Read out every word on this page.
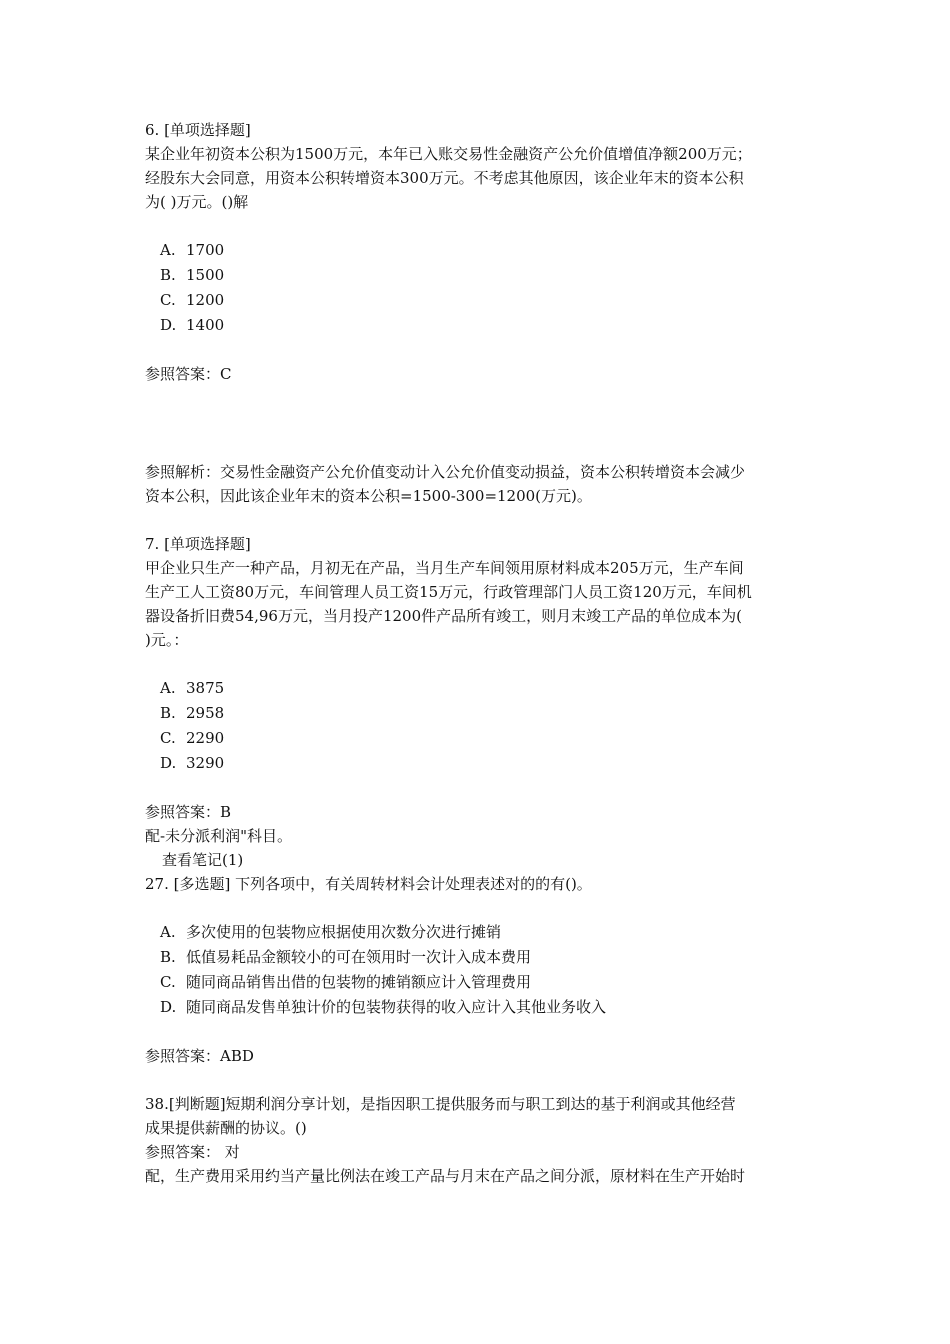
6. [单项选择题]
某企业年初资本公积为1500万元，本年已入账交易性金融资产公允价值增值净额200万元；
经股东大会同意，用资本公积转增资本300万元。不考虑其他原因，该企业年末的资本公积
为( )万元。()解
A. 1700
B. 1500
C. 1200
D. 1400
参照答案：C
参照解析：交易性金融资产公允价值变动计入公允价值变动损益，资本公积转增资本会减少
资本公积，因此该企业年末的资本公积=1500-300=1200(万元)。
7. [单项选择题]
甲企业只生产一种产品，月初无在产品，当月生产车间领用原材料成本205万元，生产车间
生产工人工资80万元，车间管理人员工资15万元，行政管理部门人员工资120万元，车间机
器设备折旧费54,96万元，当月投产1200件产品所有竣工，则月末竣工产品的单位成本为(
)元。：
A. 3875
B. 2958
C. 2290
D. 3290
参照答案：B
配-未分派利润"科目。
查看笔记(1)
27. [多选题] 下列各项中，有关周转材料会计处理表述对的的有()。
A. 多次使用的包装物应根据使用次数分次进行摊销
B. 低值易耗品金额较小的可在领用时一次计入成本费用
C. 随同商品销售出借的包装物的摊销额应计入管理费用
D. 随同商品发售单独计价的包装物获得的收入应计入其他业务收入
参照答案：ABD
38.[判断题]短期利润分享计划，是指因职工提供服务而与职工到达的基于利润或其他经营
成果提供薪酬的协议。()
参照答案： 对
配，生产费用采用约当产量比例法在竣工产品与月末在产品之间分派，原材料在生产开始时
